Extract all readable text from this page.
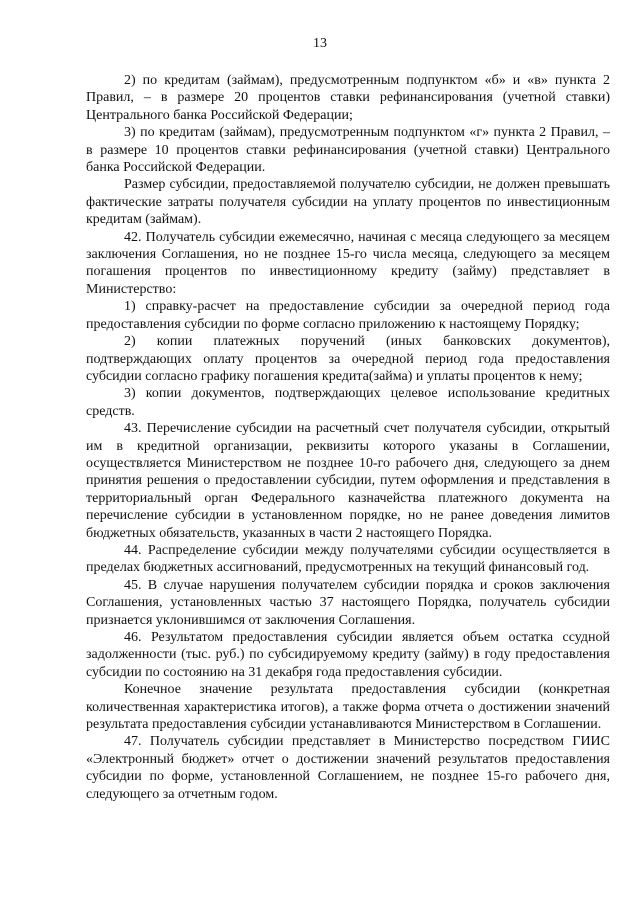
13

2) по кредитам (займам), предусмотренным подпунктом «б» и «в» пункта 2 Правил, – в размере 20 процентов ставки рефинансирования (учетной ставки) Центрального банка Российской Федерации;

3) по кредитам (займам), предусмотренным подпунктом «г» пункта 2 Правил, – в размере 10 процентов ставки рефинансирования (учетной ставки) Центрального банка Российской Федерации.

Размер субсидии, предоставляемой получателю субсидии, не должен превышать фактические затраты получателя субсидии на уплату процентов по инвестиционным кредитам (займам).

42. Получатель субсидии ежемесячно, начиная с месяца следующего за месяцем заключения Соглашения, но не позднее 15-го числа месяца, следующего за месяцем погашения процентов по инвестиционному кредиту (займу) представляет в Министерство:

1) справку-расчет на предоставление субсидии за очередной период года предоставления субсидии по форме согласно приложению к настоящему Порядку;

2) копии платежных поручений (иных банковских документов), подтверждающих оплату процентов за очередной период года предоставления субсидии согласно графику погашения кредита(займа) и уплаты процентов к нему;

3) копии документов, подтверждающих целевое использование кредитных средств.

43. Перечисление субсидии на расчетный счет получателя субсидии, открытый им в кредитной организации, реквизиты которого указаны в Соглашении, осуществляется Министерством не позднее 10-го рабочего дня, следующего за днем принятия решения о предоставлении субсидии, путем оформления и представления в территориальный орган Федерального казначейства платежного документа на перечисление субсидии в установленном порядке, но не ранее доведения лимитов бюджетных обязательств, указанных в части 2 настоящего Порядка.

44. Распределение субсидии между получателями субсидии осуществляется в пределах бюджетных ассигнований, предусмотренных на текущий финансовый год.

45. В случае нарушения получателем субсидии порядка и сроков заключения Соглашения, установленных частью 37 настоящего Порядка, получатель субсидии признается уклонившимся от заключения Соглашения.

46. Результатом предоставления субсидии является объем остатка ссудной задолженности (тыс. руб.) по субсидируемому кредиту (займу) в году предоставления субсидии по состоянию на 31 декабря года предоставления субсидии.

Конечное значение результата предоставления субсидии (конкретная количественная характеристика итогов), а также форма отчета о достижении значений результата предоставления субсидии устанавливаются Министерством в Соглашении.

47. Получатель субсидии представляет в Министерство посредством ГИИС «Электронный бюджет» отчет о достижении значений результатов предоставления субсидии по форме, установленной Соглашением, не позднее 15-го рабочего дня, следующего за отчетным годом.
